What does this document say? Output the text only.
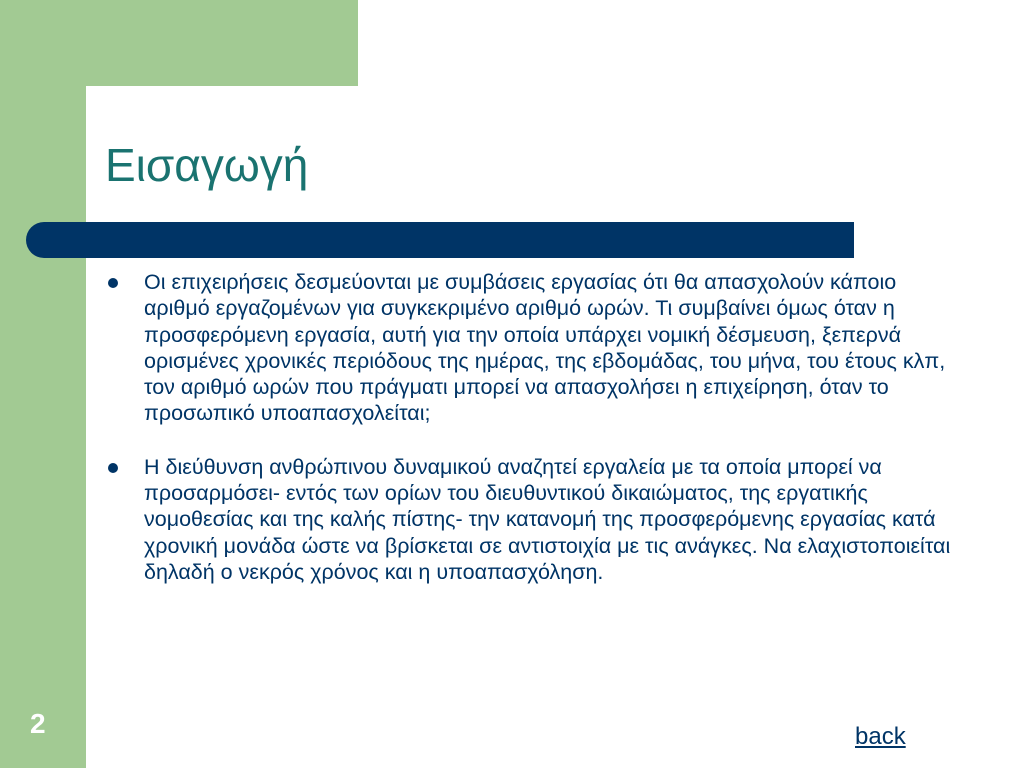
Εισαγωγή
Οι επιχειρήσεις δεσμεύονται με συμβάσεις εργασίας ότι θα απασχολούν κάποιο αριθμό εργαζομένων για συγκεκριμένο αριθμό ωρών. Τι συμβαίνει όμως όταν η προσφερόμενη εργασία, αυτή για την οποία υπάρχει νομική δέσμευση, ξεπερνά ορισμένες χρονικές περιόδους της ημέρας, της εβδομάδας, του μήνα, του έτους κλπ, τον αριθμό ωρών που πράγματι μπορεί να απασχολήσει η επιχείρηση, όταν το προσωπικό υποαπασχολείται;
Η διεύθυνση ανθρώπινου δυναμικού αναζητεί εργαλεία με τα οποία μπορεί να προσαρμόσει- εντός των ορίων του διευθυντικού δικαιώματος, της εργατικής νομοθεσίας και της καλής πίστης- την κατανομή της προσφερόμενης εργασίας κατά χρονική μονάδα ώστε να βρίσκεται σε αντιστοιχία με τις ανάγκες. Να ελαχιστοποιείται δηλαδή ο νεκρός χρόνος και η υποαπασχόληση.
2	back
